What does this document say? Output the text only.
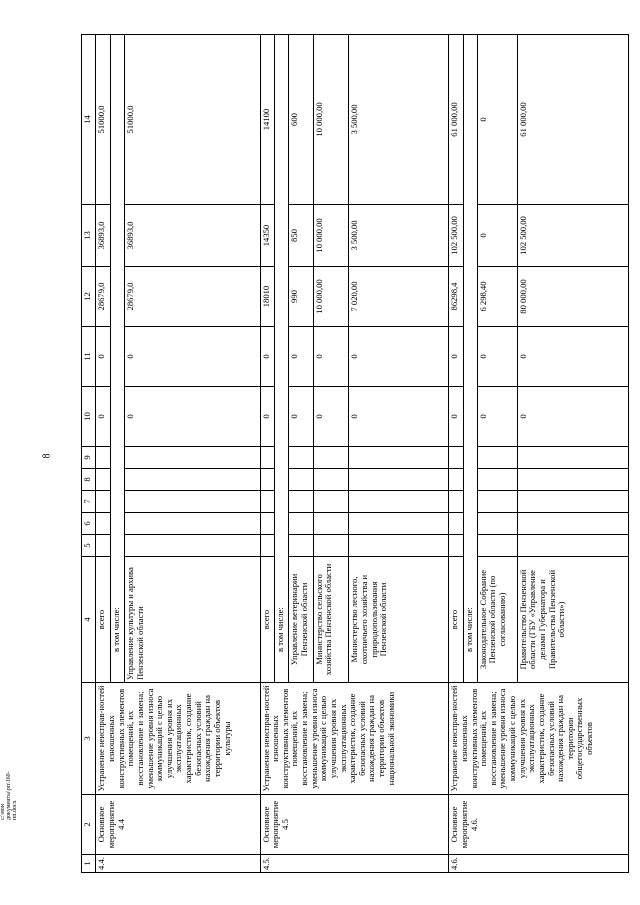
8
c:\мои документы\рп\160-пп.docx
1	2	3	4	5	6	7	8	9	10	11	12	13	14
4.4.	Основное мероприятие 4.4	Устранение неисправ-ностей изношенных конструктивных элементов помещений, их восстановление и замена; уменьшение уровня износа коммуникаций с целью улучшения уровня их эксплуатационных характеристик, создание безопасных условий нахождения граждан на территории объектов культуры	всего						0	0	28679,0	36893,0	51000,0
			в том числе:										
			Управление культуры и архива Пензенской области						0	0	28679,0	36893,0	51000,0
4.5.	Основное мероприятие 4.5	Устранение неисправ-ностей изношенных конструктивных элементов помещений, их восстановление и замена; уменьшение уровня износа коммуникаций с целью улучшения уровня их эксплуатационных характеристик, создание безопасных условий нахождения граждан на территории объектов национальной экономики	всего						0	0	18010	14350	14100
			в том числе:										
			Управление ветеринарии Пензенской области						0	0	990	850	600
			Министерство сельского хозяйства Пензенской области						0	0	10 000,00	10 000,00	10 000,00
			Министерство лесного, охотничьего хозяйства и природопользования Пензенской области						0	0	7 020,00	3 500,00	3 500,00
4.6.	Основное мероприятие 4.6.	Устранение неисправ-ностей изношенных конструктивных элементов помещений, их восстановление и замена; уменьшение уровня износа коммуникаций с целью улучшения уровня их эксплуатационных характеристик, создание безопасных условий нахождения граждан на территории общегосударственных объектов	всего						0	0	86298,4	102 500,00	61 000,00
			в том числе:										
			Законодательное Собрание Пензенской области (по согласованию)						0	0	6 298,40	0	0
			Правительство Пензенской области (ГБУ «Управление делами Губернатора и Правительства Пензенской области»)						0	0	80 000,00	102 500,00	61 000,00
